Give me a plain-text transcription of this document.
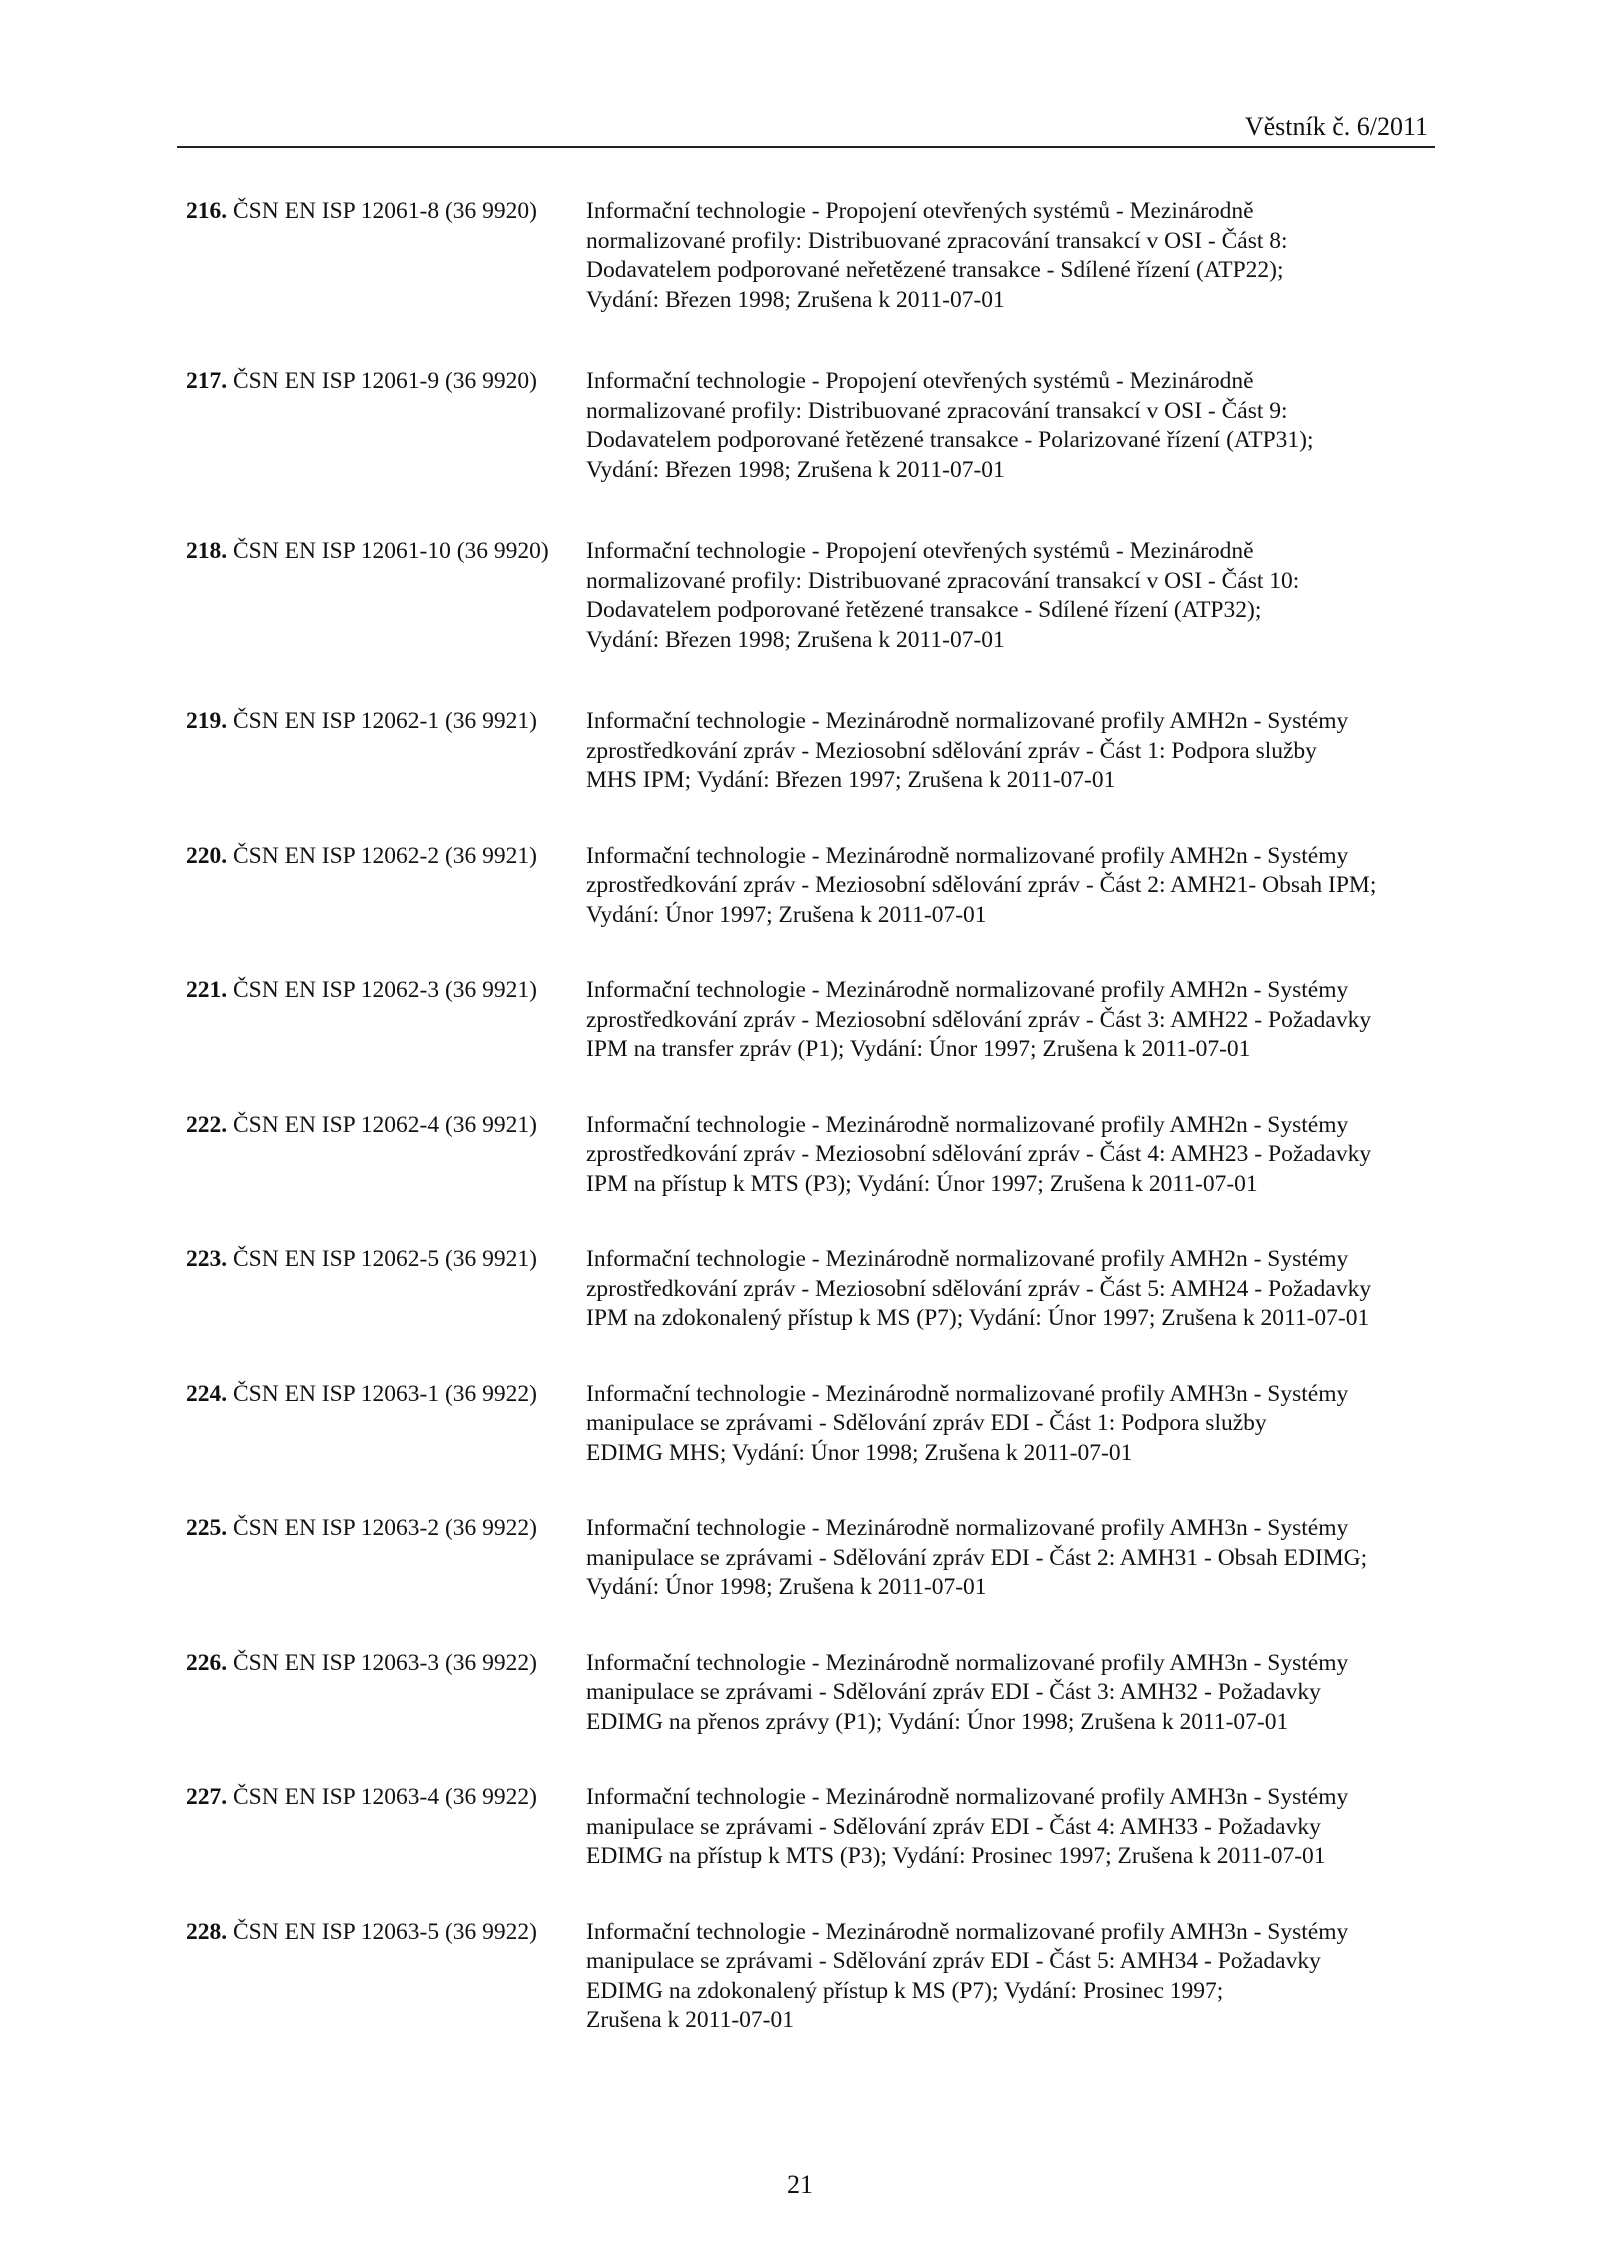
Věstník č. 6/2011
216. ČSN EN ISP 12061-8 (36 9920)	Informační technologie - Propojení otevřených systémů - Mezinárodně
normalizované profily: Distribuované zpracování transakcí v OSI - Část 8:
Dodavatelem podporované neřetězené transakce - Sdílené řízení (ATP22);
Vydání: Březen 1998; Zrušena k 2011-07-01
217. ČSN EN ISP 12061-9 (36 9920)	Informační technologie - Propojení otevřených systémů - Mezinárodně
normalizované profily: Distribuované zpracování transakcí v OSI - Část 9:
Dodavatelem podporované řetězené transakce - Polarizované řízení (ATP31);
Vydání: Březen 1998; Zrušena k 2011-07-01
218. ČSN EN ISP 12061-10 (36 9920)	Informační technologie - Propojení otevřených systémů - Mezinárodně
normalizované profily: Distribuované zpracování transakcí v OSI - Část 10:
Dodavatelem podporované řetězené transakce - Sdílené řízení (ATP32);
Vydání: Březen 1998; Zrušena k 2011-07-01
219. ČSN EN ISP 12062-1 (36 9921)	Informační technologie - Mezinárodně normalizované profily AMH2n - Systémy
zprostředkování zpráv - Meziosobní sdělování zpráv - Část 1: Podpora služby
MHS IPM; Vydání: Březen 1997; Zrušena k 2011-07-01
220. ČSN EN ISP 12062-2 (36 9921)	Informační technologie - Mezinárodně normalizované profily AMH2n - Systémy
zprostředkování zpráv - Meziosobní sdělování zpráv - Část 2: AMH21- Obsah IPM;
Vydání: Únor 1997; Zrušena k 2011-07-01
221. ČSN EN ISP 12062-3 (36 9921)	Informační technologie - Mezinárodně normalizované profily AMH2n - Systémy
zprostředkování zpráv - Meziosobní sdělování zpráv - Část 3: AMH22 - Požadavky
IPM na transfer zpráv (P1); Vydání: Únor 1997; Zrušena k 2011-07-01
222. ČSN EN ISP 12062-4 (36 9921)	Informační technologie - Mezinárodně normalizované profily AMH2n - Systémy
zprostředkování zpráv - Meziosobní sdělování zpráv - Část 4: AMH23 - Požadavky
IPM na přístup k MTS (P3); Vydání: Únor 1997; Zrušena k 2011-07-01
223. ČSN EN ISP 12062-5 (36 9921)	Informační technologie - Mezinárodně normalizované profily AMH2n - Systémy
zprostředkování zpráv - Meziosobní sdělování zpráv - Část 5: AMH24 - Požadavky
IPM na zdokonalený přístup k MS (P7); Vydání: Únor 1997; Zrušena k 2011-07-01
224. ČSN EN ISP 12063-1 (36 9922)	Informační technologie - Mezinárodně normalizované profily AMH3n - Systémy
manipulace se zprávami - Sdělování zpráv EDI - Část 1: Podpora služby
EDIMG MHS; Vydání: Únor 1998; Zrušena k 2011-07-01
225. ČSN EN ISP 12063-2 (36 9922)	Informační technologie - Mezinárodně normalizované profily AMH3n - Systémy
manipulace se zprávami - Sdělování zpráv EDI - Část 2: AMH31 - Obsah EDIMG;
Vydání: Únor 1998; Zrušena k 2011-07-01
226. ČSN EN ISP 12063-3 (36 9922)	Informační technologie - Mezinárodně normalizované profily AMH3n - Systémy
manipulace se zprávami - Sdělování zpráv EDI - Část 3: AMH32 - Požadavky
EDIMG na přenos zprávy (P1); Vydání: Únor 1998; Zrušena k 2011-07-01
227. ČSN EN ISP 12063-4 (36 9922)	Informační technologie - Mezinárodně normalizované profily AMH3n - Systémy
manipulace se zprávami - Sdělování zpráv EDI - Část 4: AMH33 - Požadavky
EDIMG na přístup k MTS (P3); Vydání: Prosinec 1997; Zrušena k 2011-07-01
228. ČSN EN ISP 12063-5 (36 9922)	Informační technologie - Mezinárodně normalizované profily AMH3n - Systémy
manipulace se zprávami - Sdělování zpráv EDI - Část 5: AMH34 - Požadavky
EDIMG na zdokonalený přístup k MS (P7); Vydání: Prosinec 1997;
Zrušena k 2011-07-01
21
